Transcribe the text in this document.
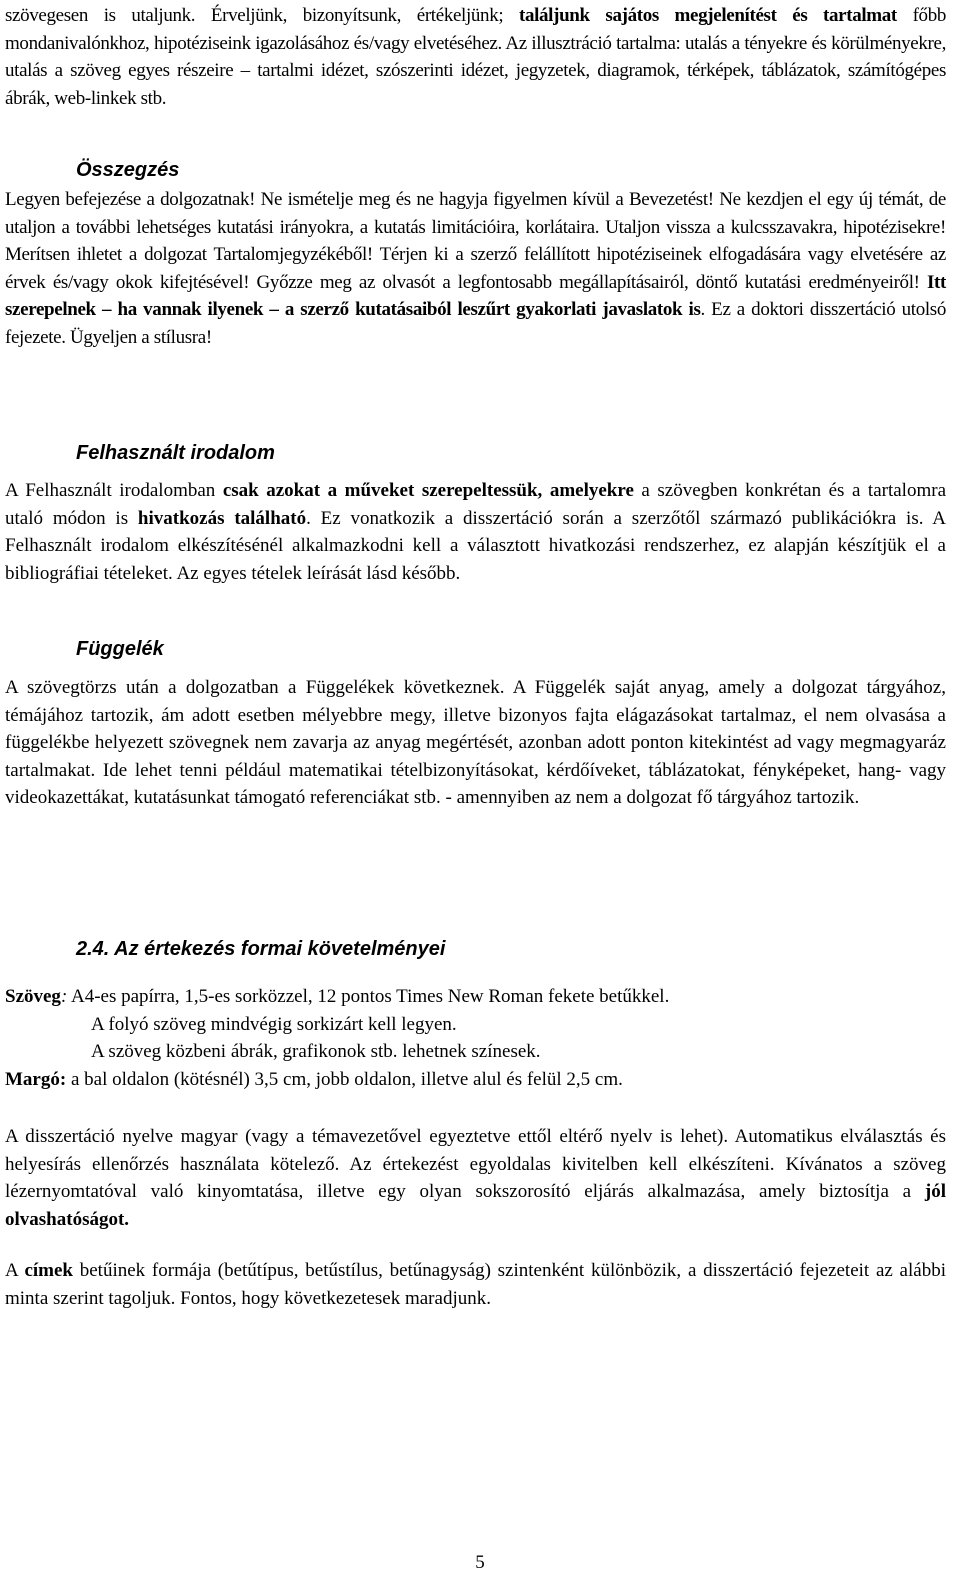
szövegesen is utaljunk. Érveljünk, bizonyítsunk, értékeljünk; találjunk sajátos megjelenítést és tartalmat főbb mondanivalónkhoz, hipotéziseink igazolásához és/vagy elvetéséhez. Az illusztráció tartalma: utalás a tényekre és körülményekre, utalás a szöveg egyes részeire – tartalmi idézet, szószerinti idézet, jegyzetek, diagramok, térképek, táblázatok, számítógépes ábrák, web-linkek stb.

Összegzés

Legyen befejezése a dolgozatnak! Ne ismételje meg és ne hagyja figyelmen kívül a Bevezetést! Ne kezdjen el egy új témát, de utaljon a további lehetséges kutatási irányokra, a kutatás limitációira, korlátaira. Utaljon vissza a kulcsszavakra, hipotézisekre! Merítsen ihletet a dolgozat Tartalomjegyzékéből! Térjen ki a szerző felállított hipotéziseinek elfogadására vagy elvetésére az érvek és/vagy okok kifejtésével! Győzze meg az olvasót a legfontosabb megállapításairól, döntő kutatási eredményeiről! Itt szerepelnek – ha vannak ilyenek – a szerző kutatásaiból leszűrt gyakorlati javaslatok is. Ez a doktori disszertáció utolsó fejezete. Ügyeljen a stílusra!

Felhasznált irodalom

A Felhasznált irodalomban csak azokat a műveket szerepeltessük, amelyekre a szövegben konkrétan és a tartalomra utaló módon is hivatkozás található. Ez vonatkozik a disszertáció során a szerzőtől származó publikációkra is. A Felhasznált irodalom elkészítésénél alkalmazkodni kell a választott hivatkozási rendszerhez, ez alapján készítjük el a bibliográfiai tételeket. Az egyes tételek leírását lásd később.

Függelék

A szövegtörzs után a dolgozatban a Függelékek következnek. A Függelék saját anyag, amely a dolgozat tárgyához, témájához tartozik, ám adott esetben mélyebbre megy, illetve bizonyos fajta elágazásokat tartalmaz, el nem olvasása a függelékbe helyezett szövegnek nem zavarja az anyag megértését, azonban adott ponton kitekintést ad vagy megmagyaráz tartalmakat. Ide lehet tenni például matematikai tételbizonyításokat, kérdőíveket, táblázatokat, fényképeket, hang- vagy videokazettákat, kutatásunkat támogató referenciákat stb. - amennyiben az nem a dolgozat fő tárgyához tartozik.

2.4. Az értekezés formai követelményei

Szöveg: A4-es papírra, 1,5-es sorközzel, 12 pontos Times New Roman fekete betűkkel.
A folyó szöveg mindvégig sorkizárt kell legyen.
A szöveg közbeni ábrák, grafikonok stb. lehetnek színesek.
Margó: a bal oldalon (kötésnél) 3,5 cm, jobb oldalon, illetve alul és felül 2,5 cm.

A disszertáció nyelve magyar (vagy a témavezetővel egyeztetve ettől eltérő nyelv is lehet). Automatikus elválasztás és helyesírás ellenőrzés használata kötelező. Az értekezést egyoldalas kivitelben kell elkészíteni. Kívánatos a szöveg lézernyomtatóval való kinyomtatása, illetve egy olyan sokszorosító eljárás alkalmazása, amely biztosítja a jól olvashatóságot.

A címek betűinek formája (betűtípus, betűstílus, betűnagyság) szintenként különbözik, a disszertáció fejezeteit az alábbi minta szerint tagoljuk. Fontos, hogy következetesek maradjunk.

5
